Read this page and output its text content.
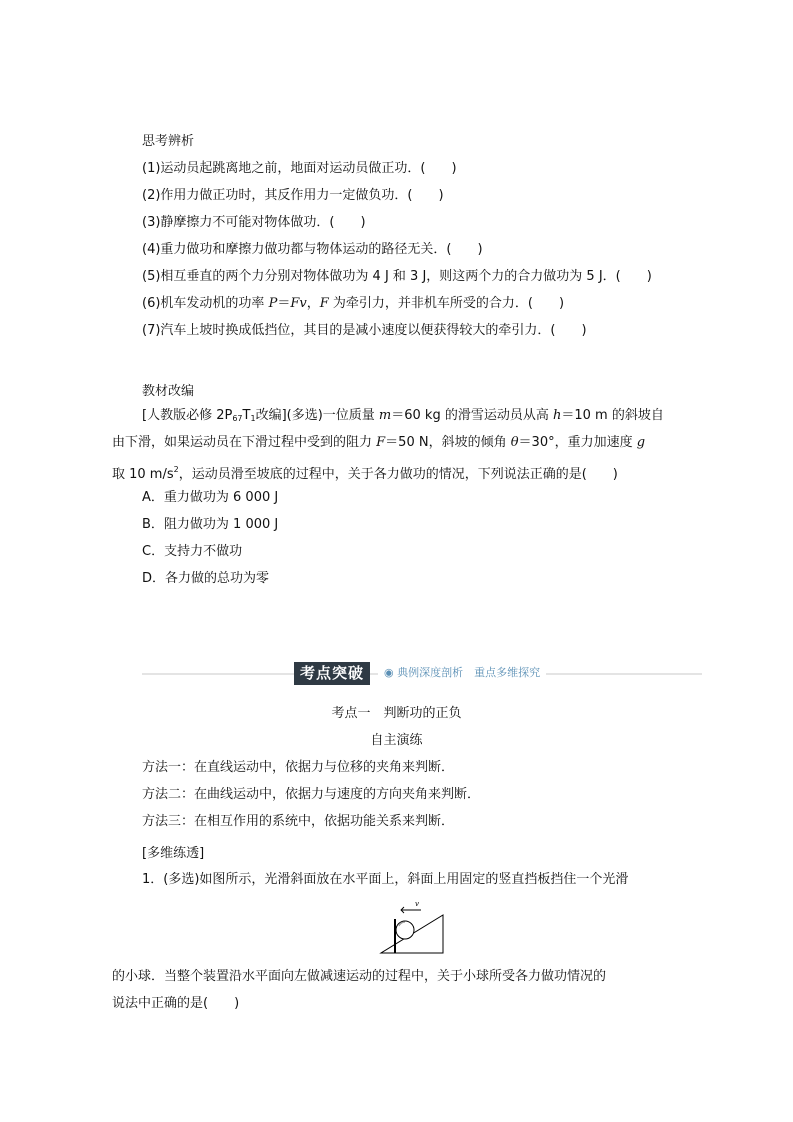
思考辨析
(1)运动员起跳离地之前，地面对运动员做正功．(　　)
(2)作用力做正功时，其反作用力一定做负功．(　　)
(3)静摩擦力不可能对物体做功．(　　)
(4)重力做功和摩擦力做功都与物体运动的路径无关．(　　)
(5)相互垂直的两个力分别对物体做功为 4 J 和 3 J，则这两个力的合力做功为 5 J．(　　)
(6)机车发动机的功率 P＝Fv，F 为牵引力，并非机车所受的合力．(　　)
(7)汽车上坡时换成低挡位，其目的是减小速度以便获得较大的牵引力．(　　)
教材改编
[人教版必修 $2P_{67}T_1$改编](多选)一位质量 m＝60 kg 的滑雪运动员从高 h＝10 m 的斜坡自
由下滑，如果运动员在下滑过程中受到的阻力 F＝50 N，斜坡的倾角 θ＝30°，重力加速度 g
取 10 $m/s^2$，运动员滑至坡底的过程中，关于各力做功的情况，下列说法正确的是(　　)
A．重力做功为 6 000 J
B．阻力做功为 1 000 J
C．支持力不做功
D．各力做的总功为零
考点突破	◉ 典例深度剖析　重点多维探究
考点一　判断功的正负
自主演练
方法一：在直线运动中，依据力与位移的夹角来判断．
方法二：在曲线运动中，依据力与速度的方向夹角来判断．
方法三：在相互作用的系统中，依据功能关系来判断．
[多维练透]
1．(多选)如图所示，光滑斜面放在水平面上，斜面上用固定的竖直挡板挡住一个光滑
v
的小球．当整个装置沿水平面向左做减速运动的过程中，关于小球所受各力做功情况的
说法中正确的是(　　)
